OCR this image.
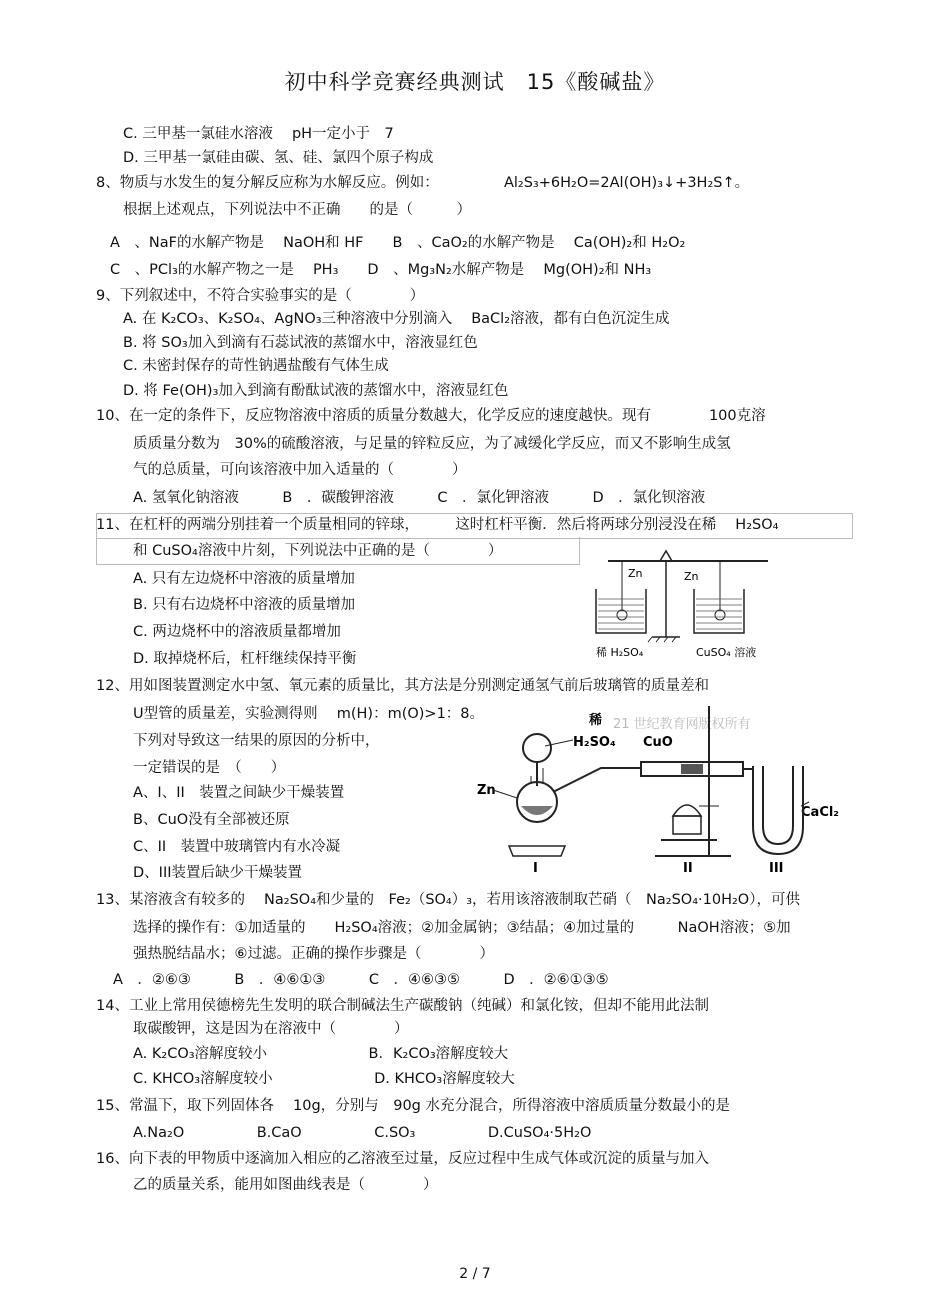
初中科学竞赛经典测试　15《酸碱盐》
C. 三甲基一氯硅水溶液　 pH一定小于　7
D. 三甲基一氯硅由碳、氢、硅、氯四个原子构成
8、物质与水发生的复分解反应称为水解反应。例如：　　　　　Al₂S₃+6H₂O=2Al(OH)₃↓+3H₂S↑。
根据上述观点，下列说法中不正确　　的是（　　　）
A　、NaF的水解产物是　 NaOH和 HF　　B　、CaO₂的水解产物是　 Ca(OH)₂和 H₂O₂
C　、PCl₃的水解产物之一是　 PH₃　　D　、Mg₃N₂水解产物是　 Mg(OH)₂和 NH₃
9、下列叙述中，不符合实验事实的是（　　　　）
A. 在 K₂CO₃、K₂SO₄、AgNO₃三种溶液中分别滴入　 BaCl₂溶液，都有白色沉淀生成
B. 将 SO₃加入到滴有石蕊试液的蒸馏水中，溶液显红色
C. 未密封保存的苛性钠遇盐酸有气体生成
D. 将 Fe(OH)₃加入到滴有酚酞试液的蒸馏水中，溶液显红色
10、在一定的条件下，反应物溶液中溶质的质量分数越大，化学反应的速度越快。现有　　　　100克溶
质质量分数为　30%的硫酸溶液，与足量的锌粒反应，为了减缓化学反应，而又不影响生成氢
气的总质量，可向该溶液中加入适量的（　　　　）
A. 氢氧化钠溶液　　　B　．碳酸钾溶液　　　C　．氯化钾溶液　　　D　．氯化钡溶液
11、在杠杆的两端分别挂着一个质量相同的锌球，　　　这时杠杆平衡．然后将两球分别浸没在稀　 H₂SO₄
和 CuSO₄溶液中片刻，下列说法中正确的是（　　　　）
A. 只有左边烧杯中溶液的质量增加
B. 只有右边烧杯中溶液的质量增加
C. 两边烧杯中的溶液质量都增加
D. 取掉烧杯后，杠杆继续保持平衡
Zn	Zn
稀 H₂SO₄	CuSO₄ 溶液
12、用如图装置测定水中氢、氧元素的质量比，其方法是分别测定通氢气前后玻璃管的质量差和
U型管的质量差，实验测得则　 m(H)：m(O)>1：8。
下列对导致这一结果的原因的分析中，
一定错误的是　（　　）
A、I、II　装置之间缺少干燥装置
B、CuO没有全部被还原
C、II　装置中玻璃管内有水冷凝
D、III装置后缺少干燥装置
21 世纪教育网版权所有
稀
H₂SO₄
Zn
CuO
CaCl₂
I	II	III
13、某溶液含有较多的　 Na₂SO₄和少量的　Fe₂（SO₄）₃，若用该溶液制取芒硝（　Na₂SO₄·10H₂O），可供
选择的操作有：①加适量的　　H₂SO₄溶液；②加金属钠；③结晶；④加过量的　　　NaOH溶液；⑤加
强热脱结晶水；⑥过滤。正确的操作步骤是（　　　　）
A　．②⑥③　　　B　．④⑥①③　　　C　．④⑥③⑤　　　D　．②⑥①③⑤
14、工业上常用侯德榜先生发明的联合制碱法生产碳酸钠（纯碱）和氯化铵，但却不能用此法制
取碳酸钾，这是因为在溶液中（　　　　）
A. K₂CO₃溶解度较小　　　　　　　B．K₂CO₃溶解度较大
C. KHCO₃溶解度较小　　　　　　　D. KHCO₃溶解度较大
15、常温下，取下列固体各　 10g，分别与　90g 水充分混合，所得溶液中溶质质量分数最小的是
A.Na₂O　　　　　B.CaO　　　　　C.SO₃　　　　　D.CuSO₄·5H₂O
16、向下表的甲物质中逐滴加入相应的乙溶液至过量，反应过程中生成气体或沉淀的质量与加入
乙的质量关系，能用如图曲线表是（　　　　）
2 / 7
